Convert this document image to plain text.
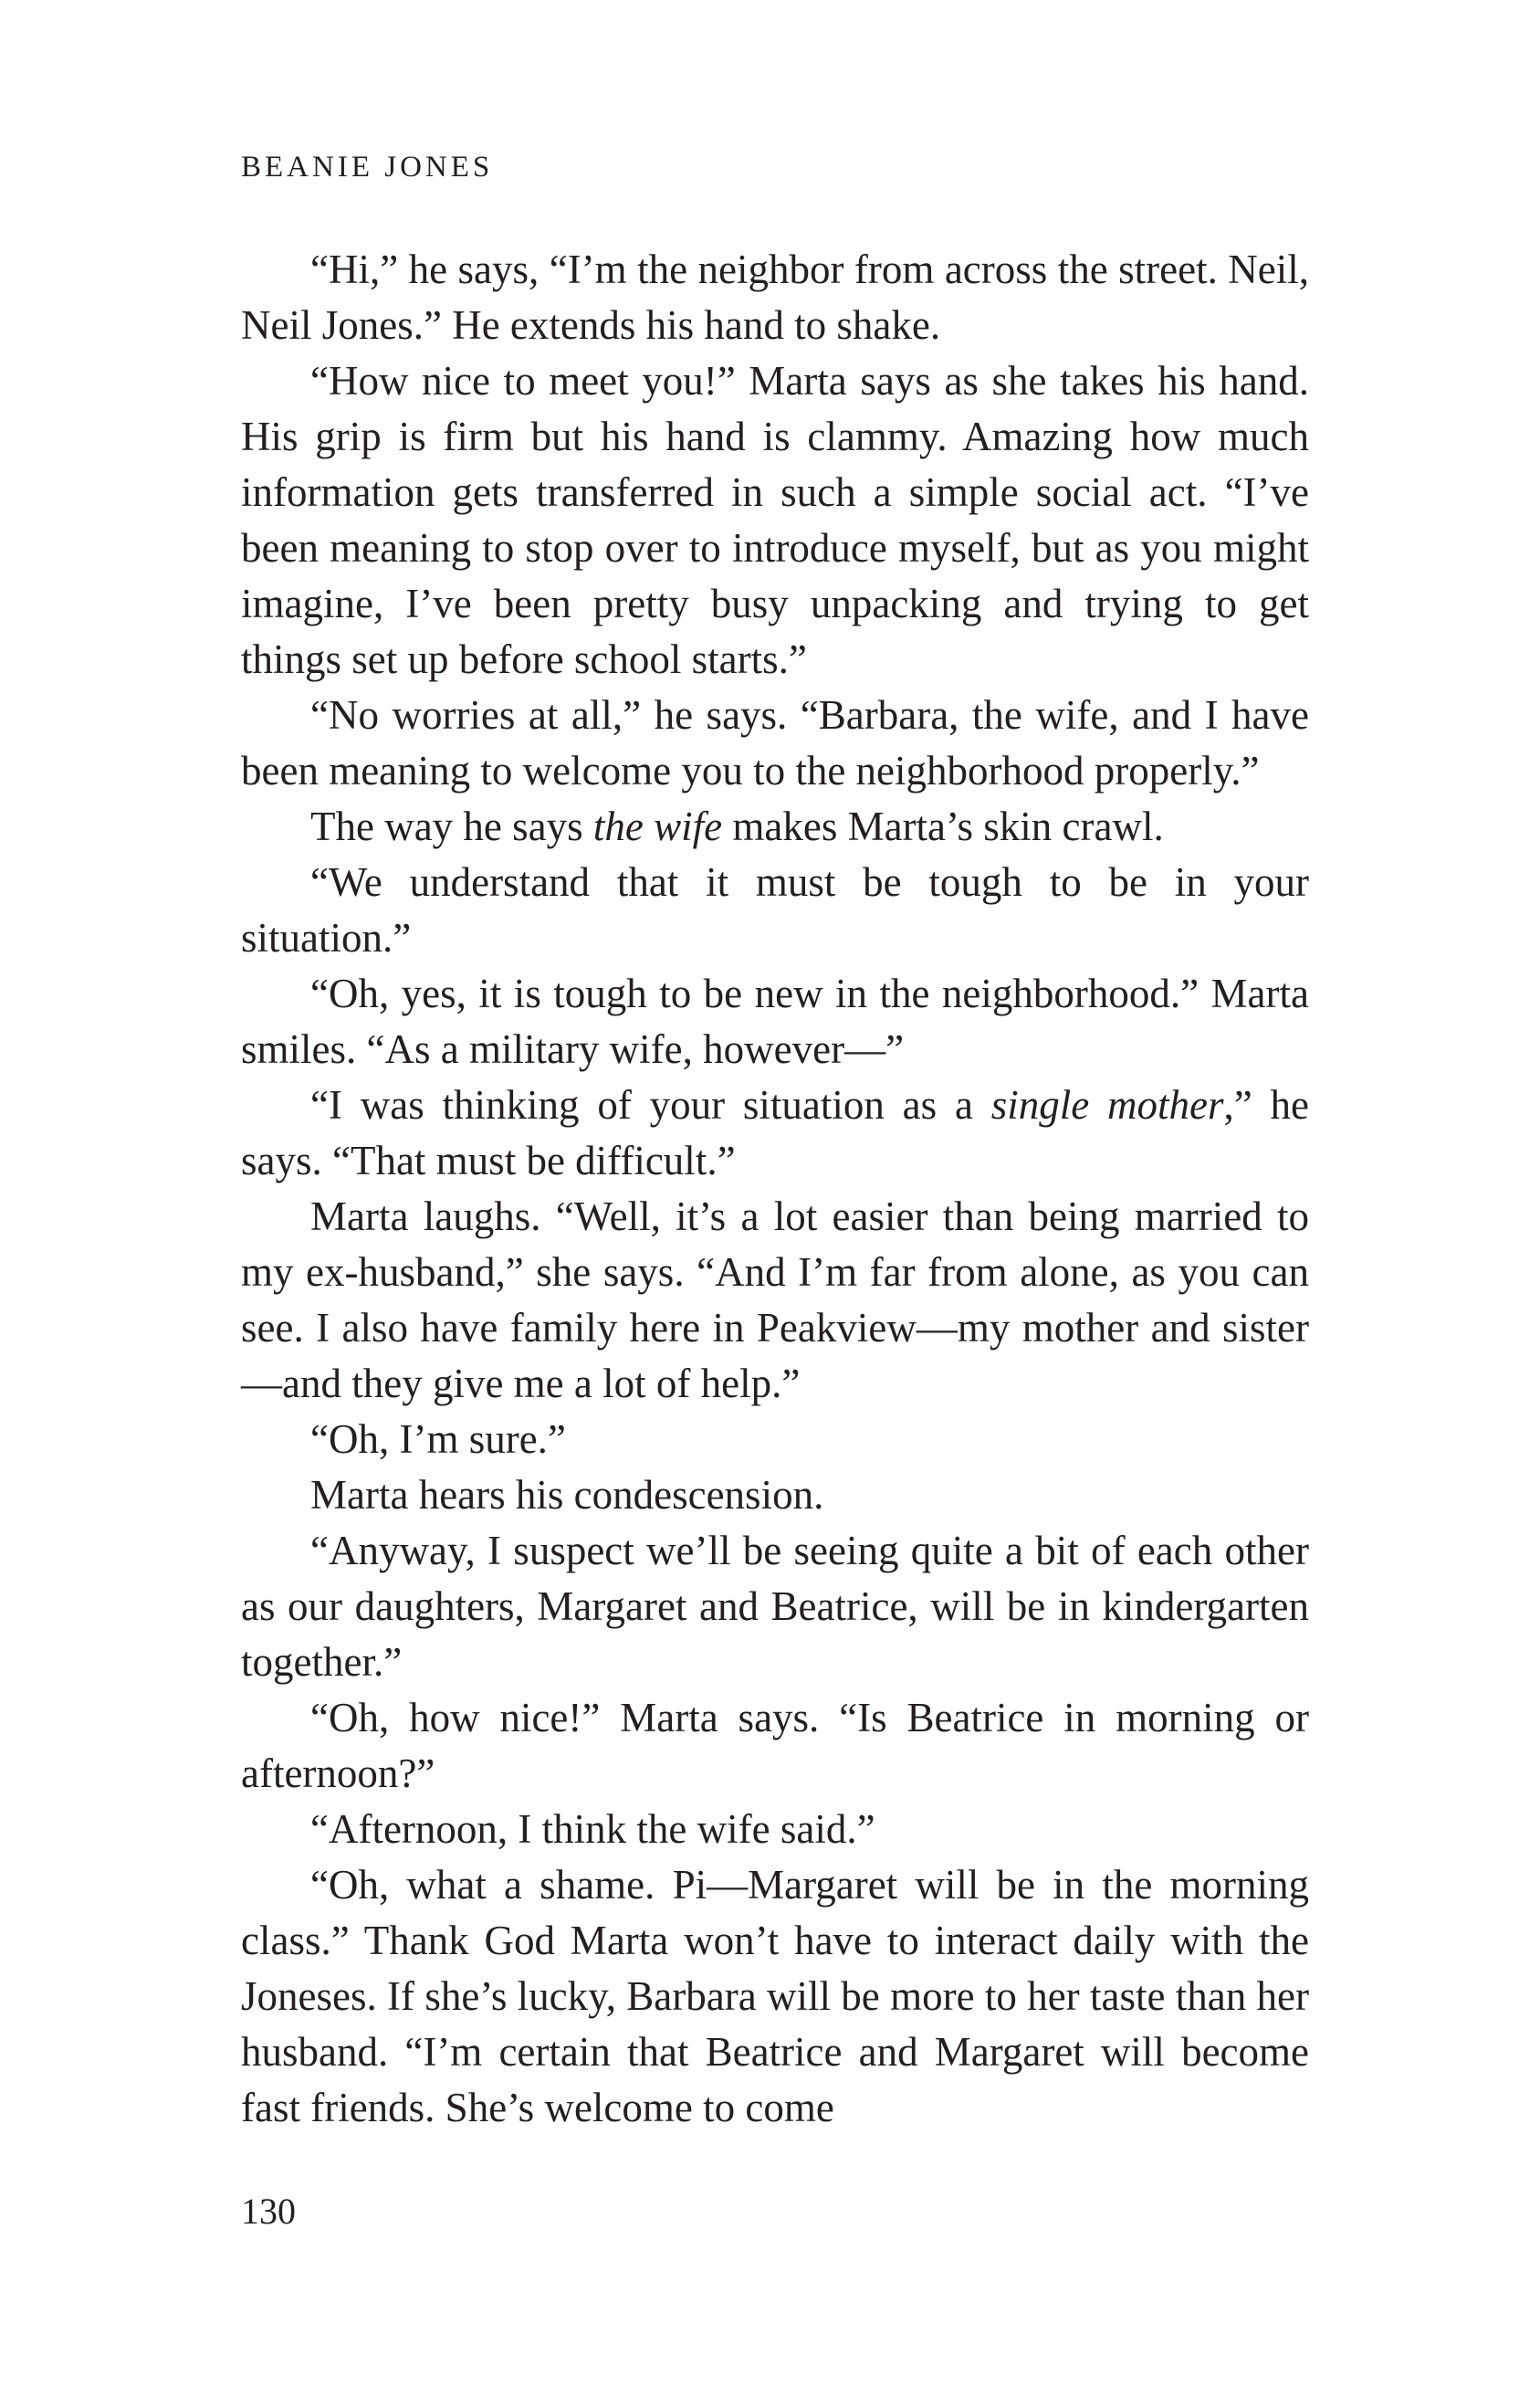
BEANIE JONES

“Hi,” he says, “I’m the neighbor from across the street. Neil, Neil Jones.” He extends his hand to shake.

“How nice to meet you!” Marta says as she takes his hand. His grip is firm but his hand is clammy. Amazing how much information gets transferred in such a simple social act. “I’ve been meaning to stop over to introduce myself, but as you might imagine, I’ve been pretty busy unpacking and trying to get things set up before school starts.”

“No worries at all,” he says. “Barbara, the wife, and I have been meaning to welcome you to the neighborhood properly.”

The way he says the wife makes Marta’s skin crawl.

“We understand that it must be tough to be in your situation.”

“Oh, yes, it is tough to be new in the neighborhood.” Marta smiles. “As a military wife, however—”

“I was thinking of your situation as a single mother,” he says. “That must be difficult.”

Marta laughs. “Well, it’s a lot easier than being married to my ex-husband,” she says. “And I’m far from alone, as you can see. I also have family here in Peakview—my mother and sister—and they give me a lot of help.”

“Oh, I’m sure.”

Marta hears his condescension.

“Anyway, I suspect we’ll be seeing quite a bit of each other as our daughters, Margaret and Beatrice, will be in kindergarten together.”

“Oh, how nice!” Marta says. “Is Beatrice in morning or afternoon?”

“Afternoon, I think the wife said.”

“Oh, what a shame. Pi—Margaret will be in the morning class.” Thank God Marta won’t have to interact daily with the Joneses. If she’s lucky, Barbara will be more to her taste than her husband. “I’m certain that Beatrice and Margaret will become fast friends. She’s welcome to come

130
